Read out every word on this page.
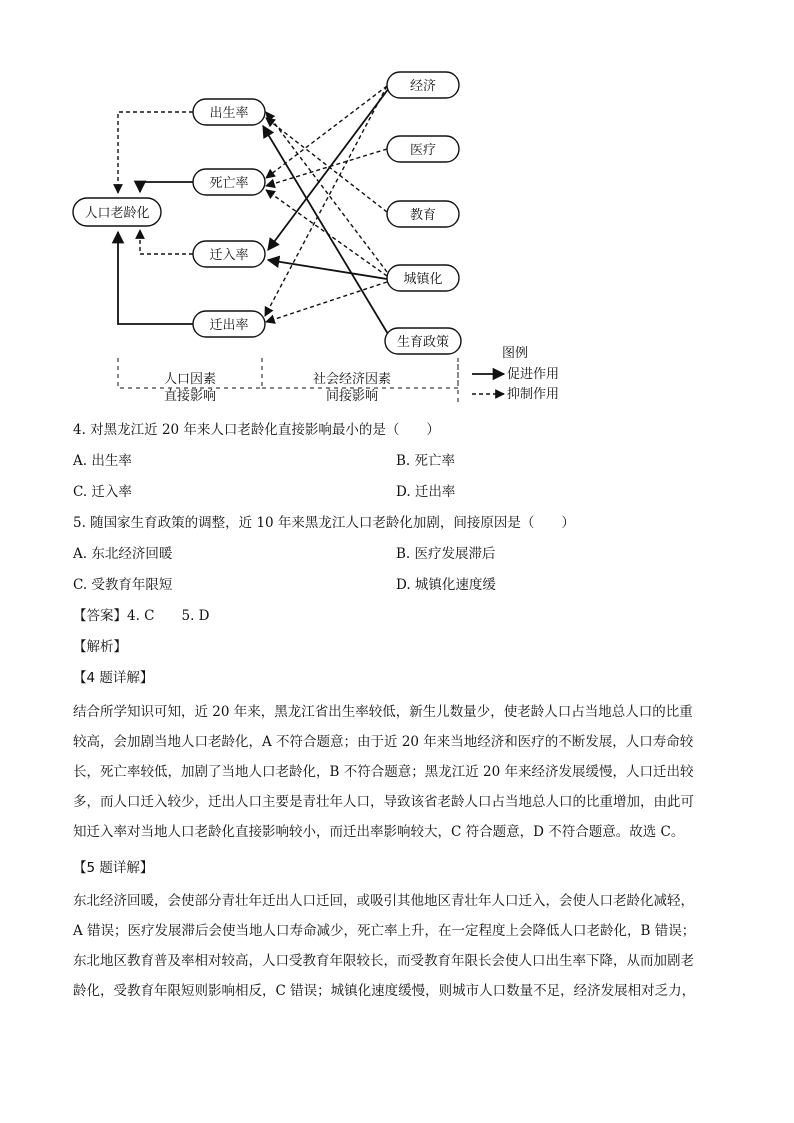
人口老龄化
出生率
死亡率
迁入率
迁出率
经济
医疗
教育
城镇化
生育政策
人口因素
直接影响
社会经济因素
间接影响
图例
促进作用
抑制作用
4. 对黑龙江近 20 年来人口老龄化直接影响最小的是（　　）
A. 出生率	B. 死亡率
C. 迁入率	D. 迁出率
5. 随国家生育政策的调整，近 10 年来黑龙江人口老龄化加剧，间接原因是（　　）
A. 东北经济回暖	B. 医疗发展滞后
C. 受教育年限短	D. 城镇化速度缓
【答案】4. C　　5. D
【解析】
【4 题详解】
结合所学知识可知，近 20 年来，黑龙江省出生率较低，新生儿数量少，使老龄人口占当地总人口的比重
较高，会加剧当地人口老龄化，A 不符合题意；由于近 20 年来当地经济和医疗的不断发展，人口寿命较
长，死亡率较低，加剧了当地人口老龄化，B 不符合题意；黑龙江近 20 年来经济发展缓慢，人口迁出较
多，而人口迁入较少，迁出人口主要是青壮年人口，导致该省老龄人口占当地总人口的比重增加，由此可
知迁入率对当地人口老龄化直接影响较小，而迁出率影响较大，C 符合题意，D 不符合题意。故选 C。
【5 题详解】
东北经济回暖，会使部分青壮年迁出人口迁回，或吸引其他地区青壮年人口迁入，会使人口老龄化减轻，
A 错误；医疗发展滞后会使当地人口寿命减少，死亡率上升，在一定程度上会降低人口老龄化，B 错误；
东北地区教育普及率相对较高，人口受教育年限较长，而受教育年限长会使人口出生率下降，从而加剧老
龄化，受教育年限短则影响相反，C 错误；城镇化速度缓慢，则城市人口数量不足，经济发展相对乏力，
